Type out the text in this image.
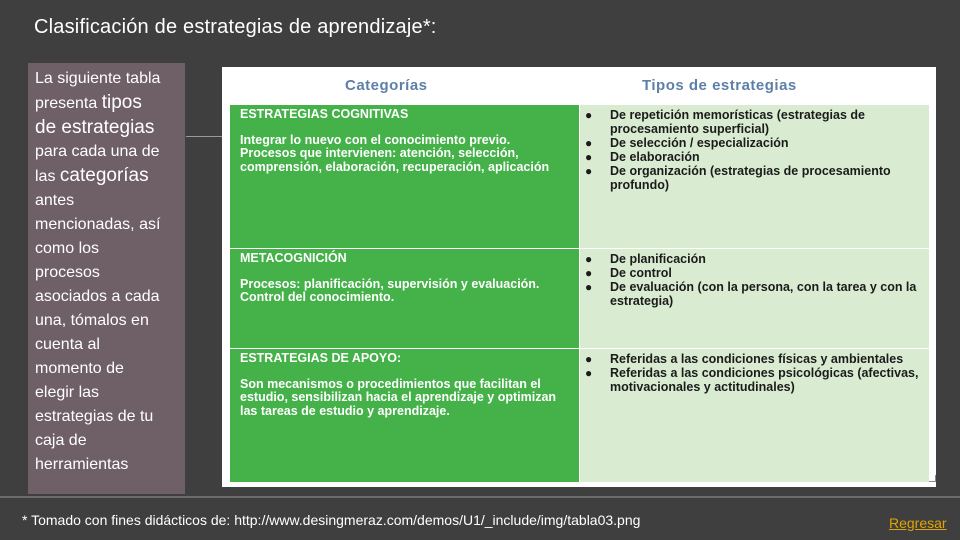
Clasificación de estrategias de aprendizaje*:
La siguiente tabla
presenta tipos
de estrategias
para cada una de
las categorías
antes
mencionadas, así
como los
procesos
asociados a cada
una, tómalos en
cuenta al
momento de
elegir las
estrategias de tu
caja de
herramientas
Categorías	Tipos de estrategias
ESTRATEGIAS COGNITIVAS
Integrar lo nuevo con el conocimiento previo. Procesos que intervienen: atención, selección, comprensión, elaboración, recuperación, aplicación
● De repetición memorísticas (estrategias de procesamiento superficial)
● De selección / especialización
● De elaboración
● De organización (estrategias de procesamiento profundo)
METACOGNICIÓN
Procesos: planificación, supervisión y evaluación. Control del conocimiento.
● De planificación
● De control
● De evaluación (con la persona, con la tarea y con la estrategia)
ESTRATEGIAS DE APOYO:
Son mecanismos o procedimientos que facilitan el estudio, sensibilizan hacia el aprendizaje y optimizan las tareas de estudio y aprendizaje.
● Referidas a las condiciones físicas y ambientales
● Referidas a las condiciones psicológicas (afectivas, motivacionales y actitudinales)
* Tomado con fines didácticos de: http://www.desingmeraz.com/demos/U1/_include/img/tabla03.png	Regresar
